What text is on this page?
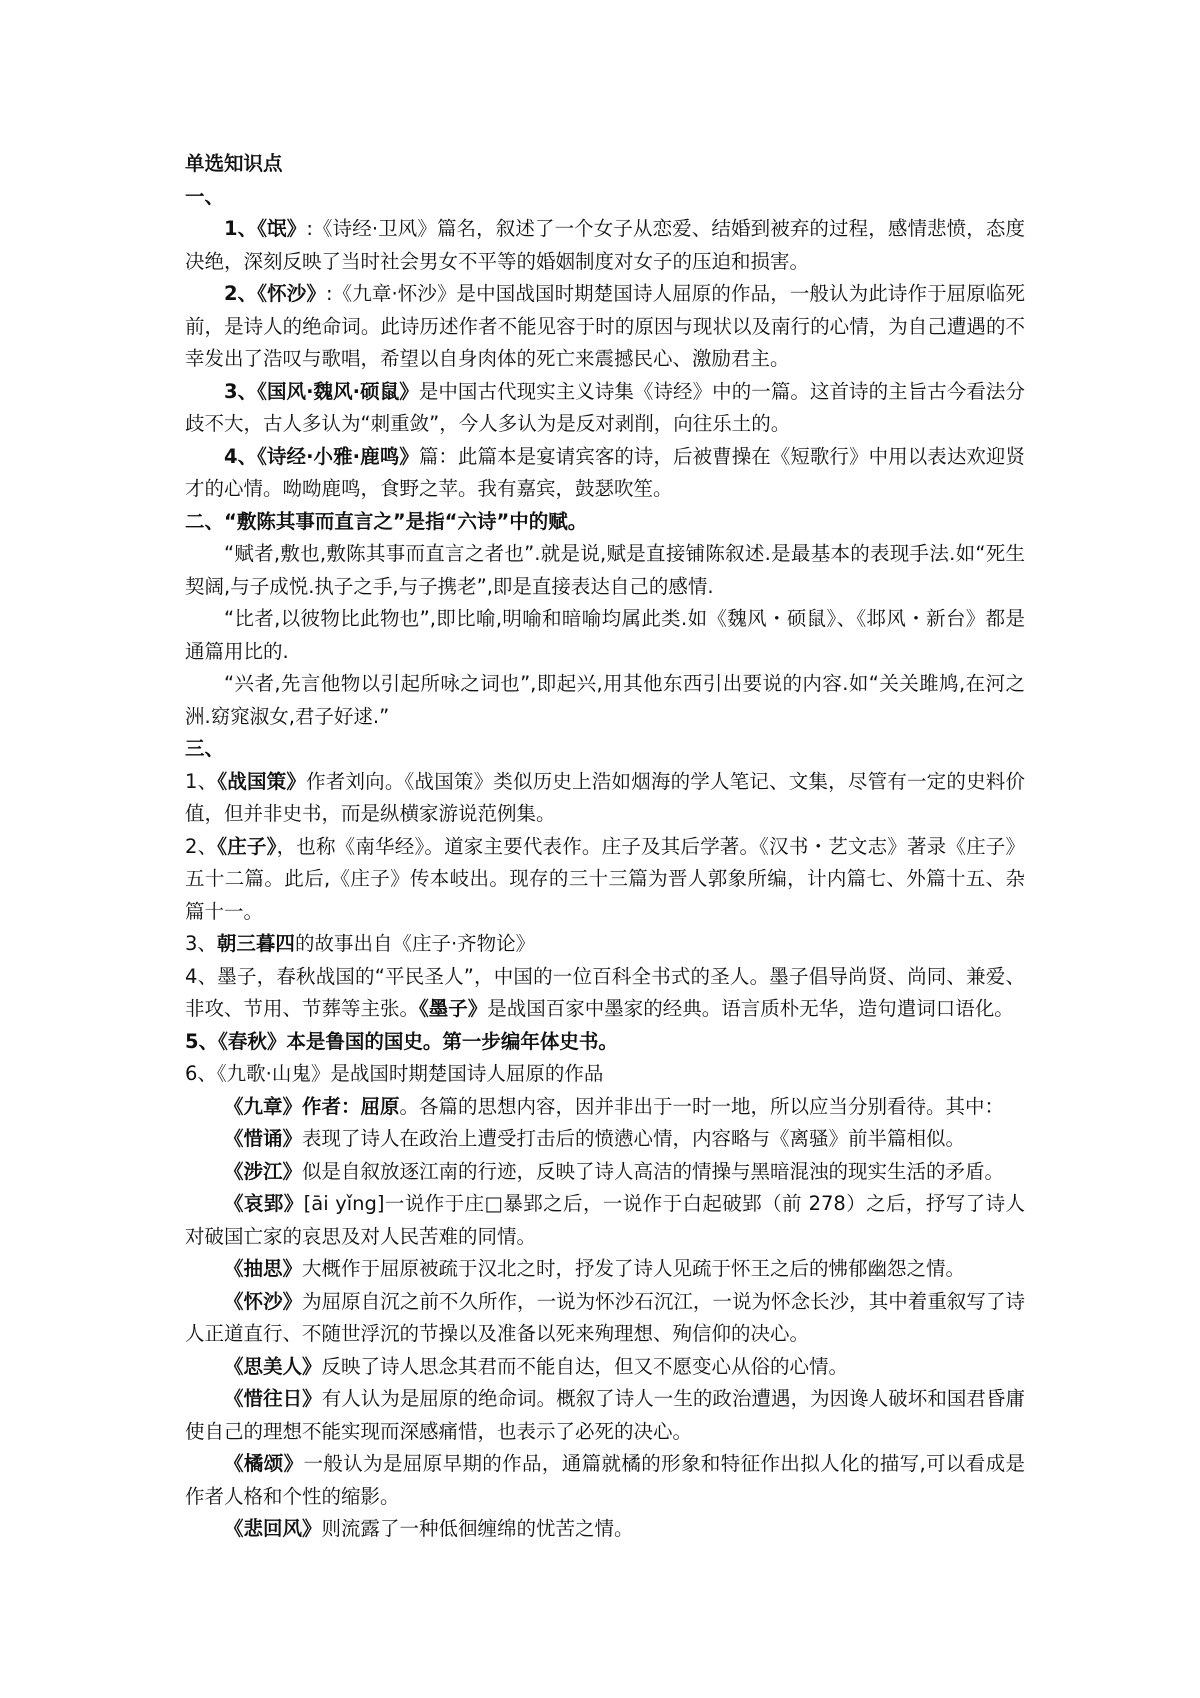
单选知识点

一、

1、《氓》:《诗经·卫风》篇名，叙述了一个女子从恋爱、结婚到被弃的过程，感情悲愤，态度决绝，深刻反映了当时社会男女不平等的婚姻制度对女子的压迫和损害。

2、《怀沙》:《九章·怀沙》是中国战国时期楚国诗人屈原的作品，一般认为此诗作于屈原临死前，是诗人的绝命词。此诗历述作者不能见容于时的原因与现状以及南行的心情，为自己遭遇的不幸发出了浩叹与歌唱，希望以自身肉体的死亡来震撼民心、激励君主。

3、《国风·魏风·硕鼠》是中国古代现实主义诗集《诗经》中的一篇。这首诗的主旨古今看法分歧不大，古人多认为“刺重敛”，今人多认为是反对剥削，向往乐土的。

4、《诗经·小雅·鹿鸣》篇：此篇本是宴请宾客的诗，后被曹操在《短歌行》中用以表达欢迎贤才的心情。呦呦鹿鸣，食野之苹。我有嘉宾，鼓瑟吹笙。

二、“敷陈其事而直言之”是指“六诗”中的赋。

“赋者,敷也,敷陈其事而直言之者也”.就是说,赋是直接铺陈叙述.是最基本的表现手法.如“死生契阔,与子成悦.执子之手,与子携老”,即是直接表达自己的感情.

“比者,以彼物比此物也”,即比喻,明喻和暗喻均属此类.如《魏风・硕鼠》、《邶风・新台》都是通篇用比的.

“兴者,先言他物以引起所咏之词也”,即起兴,用其他东西引出要说的内容.如“关关雎鸠,在河之洲.窈窕淑女,君子好逑.”

三、

1、《战国策》作者刘向。《战国策》类似历史上浩如烟海的学人笔记、文集，尽管有一定的史料价值，但并非史书，而是纵横家游说范例集。

2、《庄子》，也称《南华经》。道家主要代表作。庄子及其后学著。《汉书・艺文志》著录《庄子》五十二篇。此后,《庄子》传本岐出。现存的三十三篇为晋人郭象所编，计内篇七、外篇十五、杂篇十一。

3、朝三暮四的故事出自《庄子·齐物论》

4、墨子，春秋战国的“平民圣人”，中国的一位百科全书式的圣人。墨子倡导尚贤、尚同、兼爱、非攻、节用、节葬等主张。《墨子》是战国百家中墨家的经典。语言质朴无华，造句遣词口语化。

5、《春秋》本是鲁国的国史。第一步编年体史书。

6、《九歌·山鬼》是战国时期楚国诗人屈原的作品

《九章》作者：屈原。各篇的思想内容，因并非出于一时一地，所以应当分别看待。其中：

《惜诵》表现了诗人在政治上遭受打击后的愤懑心情，内容略与《离骚》前半篇相似。

《涉江》似是自叙放逐江南的行迹，反映了诗人高洁的情操与黑暗混浊的现实生活的矛盾。

《哀郢》[āi yǐng]一说作于庄□暴郢之后，一说作于白起破郢（前 278）之后，抒写了诗人对破国亡家的哀思及对人民苦难的同情。

《抽思》大概作于屈原被疏于汉北之时，抒发了诗人见疏于怀王之后的怫郁幽怨之情。

《怀沙》为屈原自沉之前不久所作，一说为怀沙石沉江，一说为怀念长沙，其中着重叙写了诗人正道直行、不随世浮沉的节操以及准备以死来殉理想、殉信仰的决心。

《思美人》反映了诗人思念其君而不能自达，但又不愿变心从俗的心情。

《惜往日》有人认为是屈原的绝命词。概叙了诗人一生的政治遭遇，为因谗人破坏和国君昏庸使自己的理想不能实现而深感痛惜，也表示了必死的决心。

《橘颂》一般认为是屈原早期的作品，通篇就橘的形象和特征作出拟人化的描写,可以看成是作者人格和个性的缩影。

《悲回风》则流露了一种低徊缠绵的忧苦之情。
